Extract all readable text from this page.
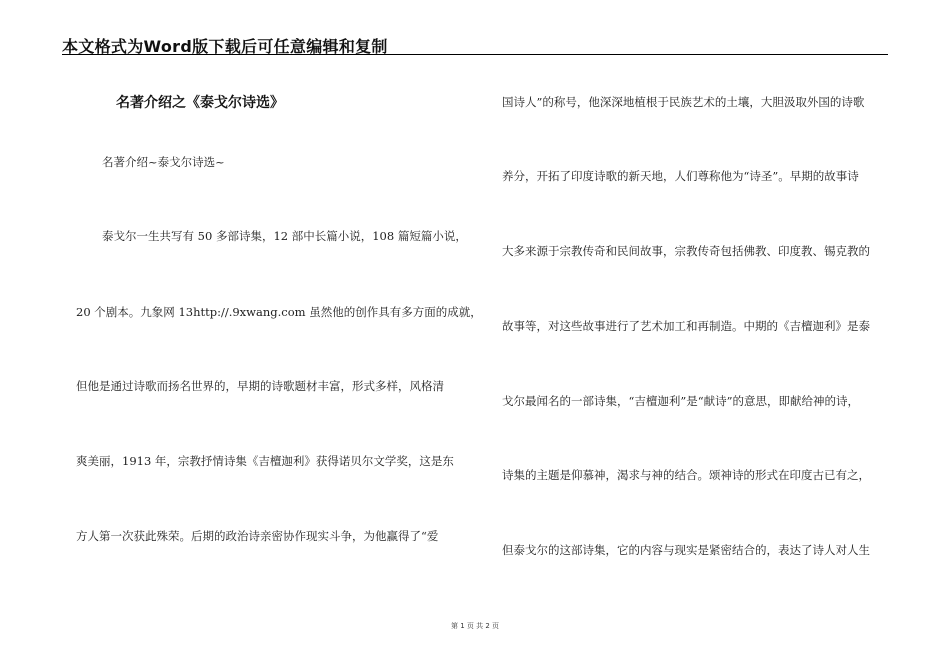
本文格式为Word版下载后可任意编辑和复制
名著介绍之《泰戈尔诗选》
名著介绍~泰戈尔诗选~
泰戈尔一生共写有 50 多部诗集，12 部中长篇小说，108 篇短篇小说，
20 个剧本。九象网 13http://.9xwang.com 虽然他的创作具有多方面的成就，
但他是通过诗歌而扬名世界的，早期的诗歌题材丰富，形式多样，风格清
爽美丽，1913 年，宗教抒情诗集《吉檀迦利》获得诺贝尔文学奖，这是东
方人第一次获此殊荣。后期的政治诗亲密协作现实斗争，为他赢得了“爱
国诗人”的称号，他深深地植根于民族艺术的土壤，大胆汲取外国的诗歌
养分，开拓了印度诗歌的新天地，人们尊称他为“诗圣”。早期的故事诗
大多来源于宗教传奇和民间故事，宗教传奇包括佛教、印度教、锡克教的
故事等，对这些故事进行了艺术加工和再制造。中期的《吉檀迦利》是泰
戈尔最闻名的一部诗集，“吉檀迦利”是“献诗”的意思，即献给神的诗，
诗集的主题是仰慕神，渴求与神的结合。颂神诗的形式在印度古已有之，
但泰戈尔的这部诗集，它的内容与现实是紧密结合的，表达了诗人对人生
第 1 页 共 2 页
